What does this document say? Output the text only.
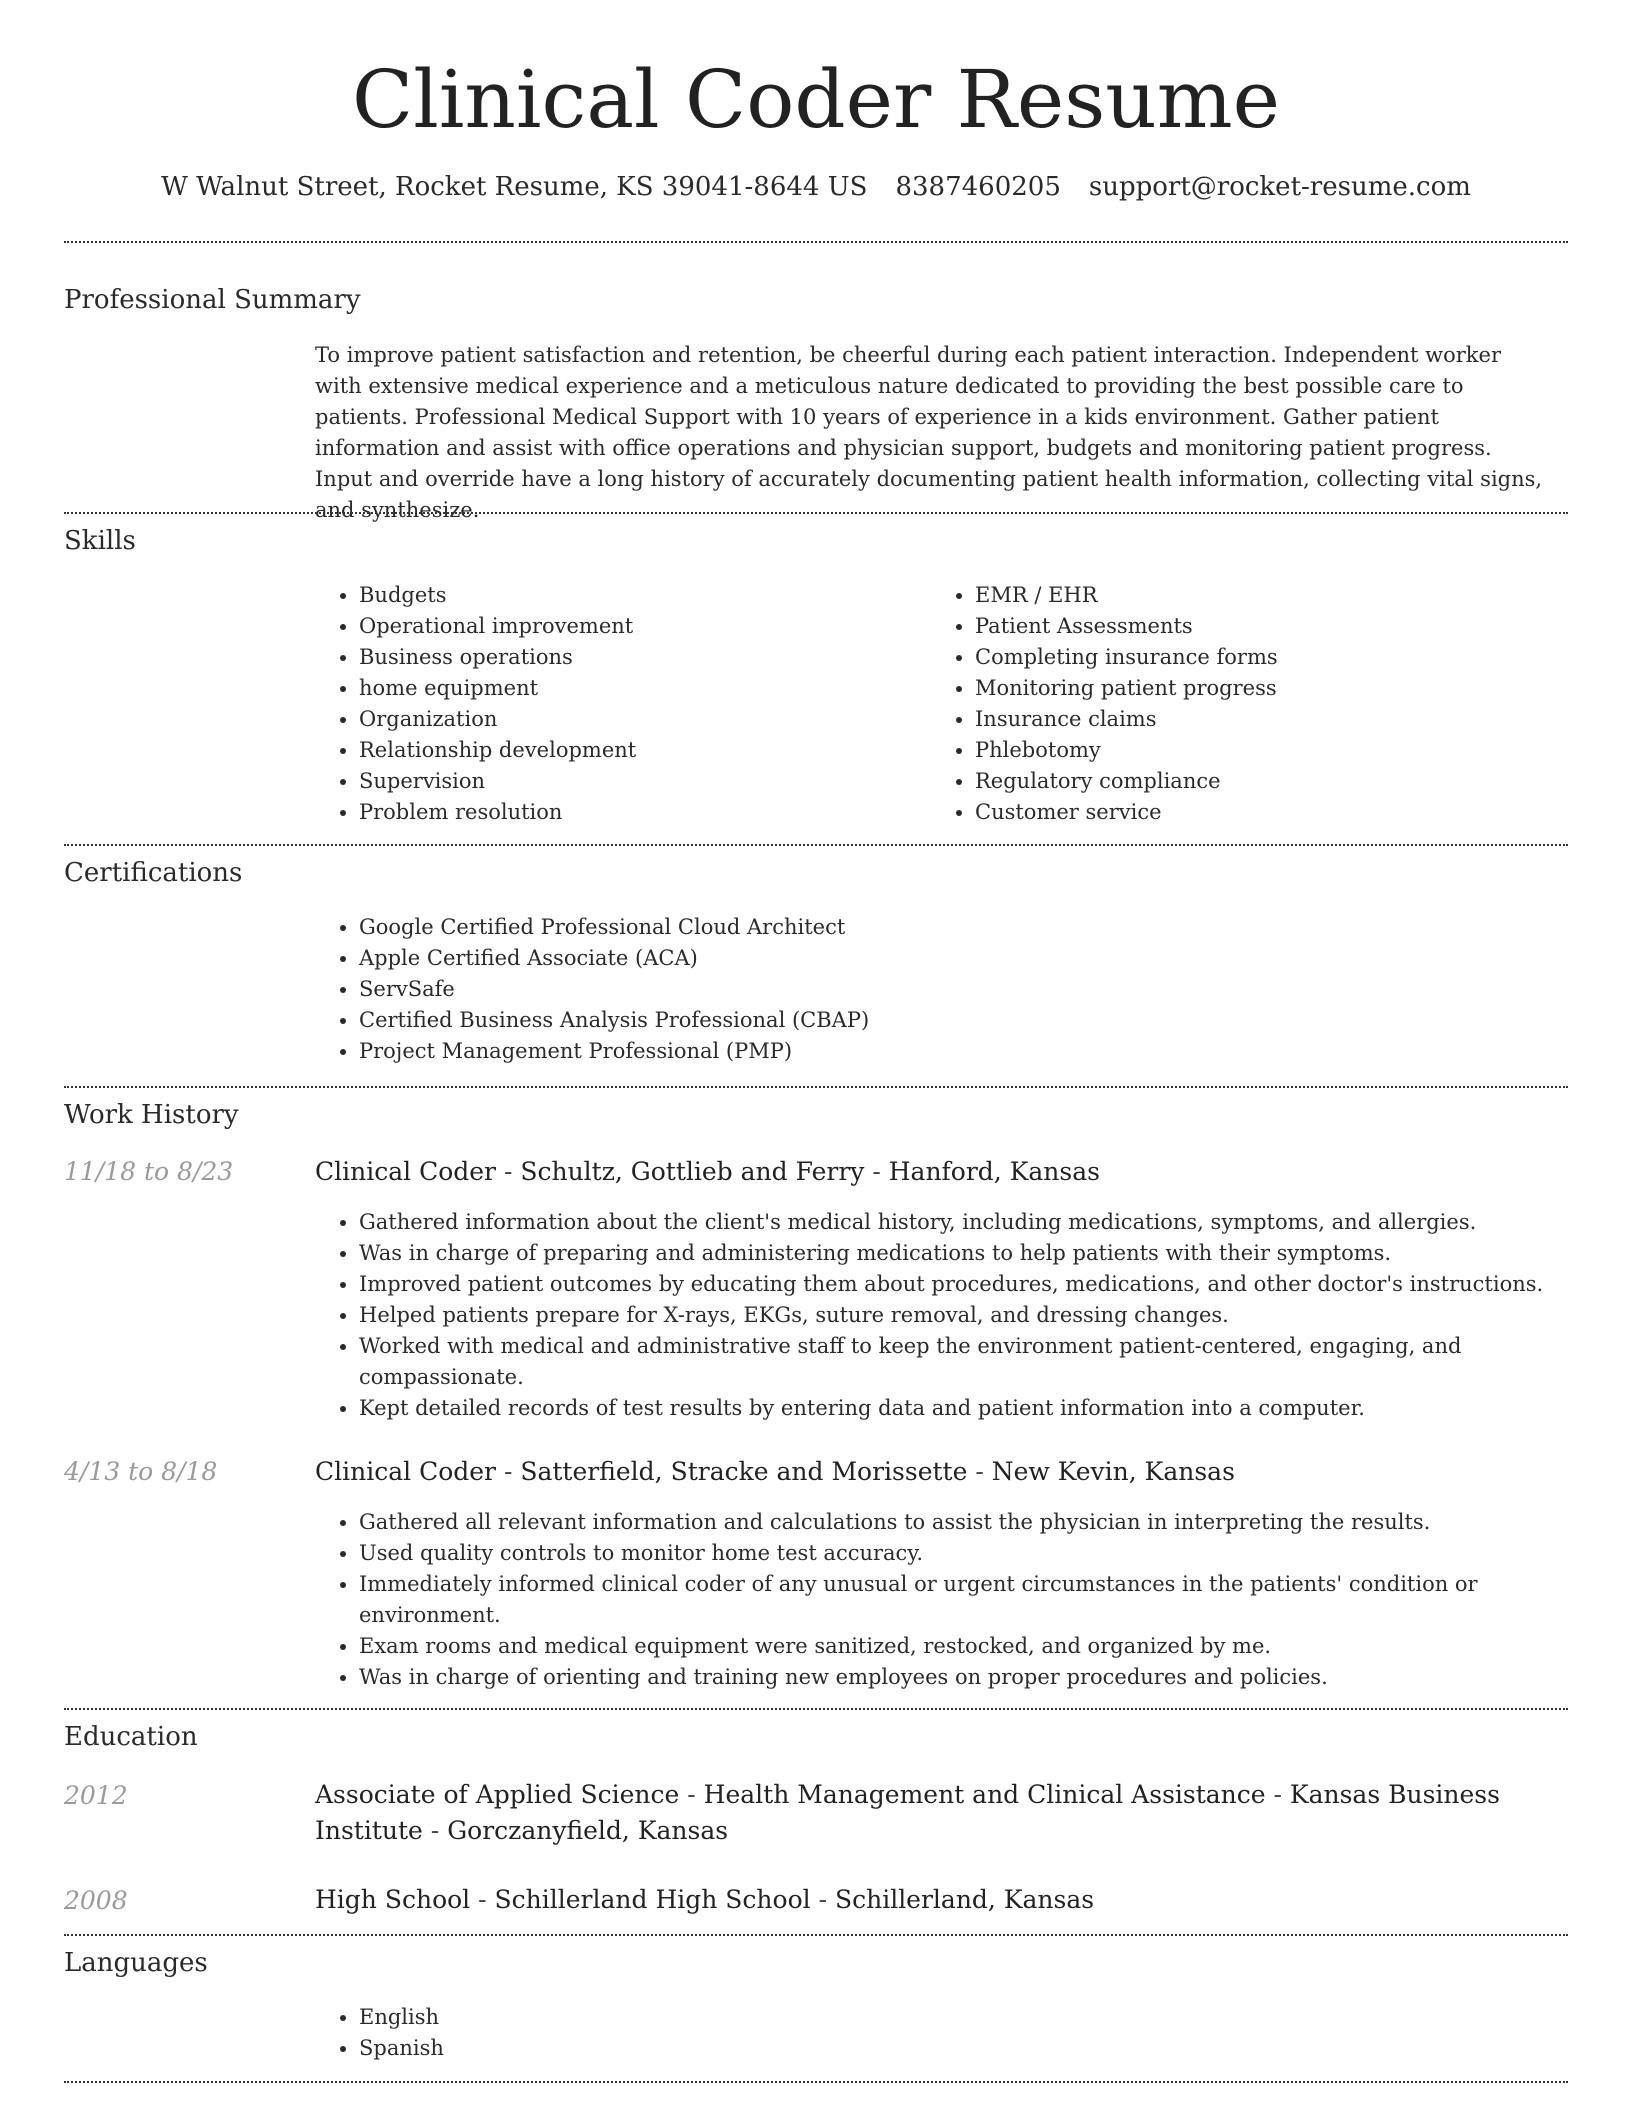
Clinical Coder Resume
W Walnut Street, Rocket Resume, KS 39041-8644 US 8387460205 support@rocket-resume.com
Professional Summary

To improve patient satisfaction and retention, be cheerful during each patient interaction. Independent worker with extensive medical experience and a meticulous nature dedicated to providing the best possible care to patients. Professional Medical Support with 10 years of experience in a kids environment. Gather patient information and assist with office operations and physician support, budgets and monitoring patient progress. Input and override have a long history of accurately documenting patient health information, collecting vital signs, and synthesize.

Skills
• Budgets
• Operational improvement
• Business operations
• home equipment
• Organization
• Relationship development
• Supervision
• Problem resolution
• EMR / EHR
• Patient Assessments
• Completing insurance forms
• Monitoring patient progress
• Insurance claims
• Phlebotomy
• Regulatory compliance
• Customer service
Certifications
• Google Certified Professional Cloud Architect
• Apple Certified Associate (ACA)
• ServSafe
• Certified Business Analysis Professional (CBAP)
• Project Management Professional (PMP)
Work History
11/18 to 8/23	Clinical Coder - Schultz, Gottlieb and Ferry - Hanford, Kansas
• Gathered information about the client's medical history, including medications, symptoms, and allergies.
• Was in charge of preparing and administering medications to help patients with their symptoms.
• Improved patient outcomes by educating them about procedures, medications, and other doctor's instructions.
• Helped patients prepare for X-rays, EKGs, suture removal, and dressing changes.
• Worked with medical and administrative staff to keep the environment patient-centered, engaging, and compassionate.
• Kept detailed records of test results by entering data and patient information into a computer.
4/13 to 8/18	Clinical Coder - Satterfield, Stracke and Morissette - New Kevin, Kansas
• Gathered all relevant information and calculations to assist the physician in interpreting the results.
• Used quality controls to monitor home test accuracy.
• Immediately informed clinical coder of any unusual or urgent circumstances in the patients' condition or environment.
• Exam rooms and medical equipment were sanitized, restocked, and organized by me.
• Was in charge of orienting and training new employees on proper procedures and policies.
Education
2012	Associate of Applied Science - Health Management and Clinical Assistance - Kansas Business Institute - Gorczanyfield, Kansas
2008	High School - Schillerland High School - Schillerland, Kansas
Languages
• English
• Spanish
